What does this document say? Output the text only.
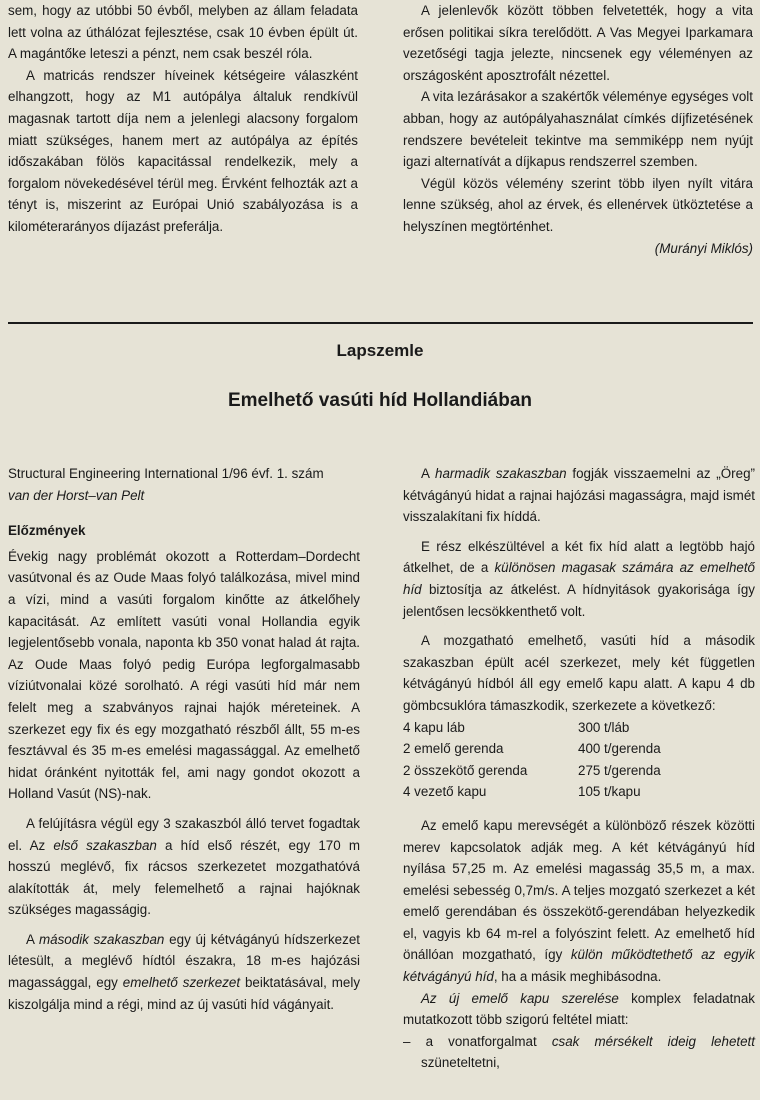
sem, hogy az utóbbi 50 évből, melyben az állam feladata lett volna az úthálózat fejlesztése, csak 10 évben épült út. A magántőke leteszi a pénzt, nem csak beszél róla.

A matricás rendszer híveinek kétségeire válaszként elhangzott, hogy az M1 autópálya általuk rendkívül magasnak tartott díja nem a jelenlegi alacsony forgalom miatt szükséges, hanem mert az autópálya az építés időszakában fölös kapacitással rendelkezik, mely a forgalom növekedésével térül meg. Érvként felhozták azt a tényt is, miszerint az Európai Unió szabályozása is a kilométerarányos díjazást preferálja.

A jelenlevők között többen felvetették, hogy a vita erősen politikai síkra terelődött. A Vas Megyei Iparkamara vezetőségi tagja jelezte, nincsenek egy véleményen az országosként aposztrofált nézettel.

A vita lezárásakor a szakértők véleménye egységes volt abban, hogy az autópályahasználat címkés díjfizetésének rendszere bevételeit tekintve ma semmiképp nem nyújt igazi alternatívát a díjkapus rendszerrel szemben.

Végül közös vélemény szerint több ilyen nyílt vitára lenne szükség, ahol az érvek, és ellenérvek ütköztetése a helyszínen megtörténhet.

(Murányi Miklós)

Lapszemle
Emelhető vasúti híd Hollandiában

Structural Engineering International 1/96 évf. 1. szám

van der Horst–van Pelt

Előzmények

Évekig nagy problémát okozott a Rotterdam–Dordecht vasútvonal és az Oude Maas folyó találkozása, mivel mind a vízi, mind a vasúti forgalom kinőtte az átkelőhely kapacitását. Az említett vasúti vonal Hollandia egyik legjelentősebb vonala, naponta kb 350 vonat halad át rajta. Az Oude Maas folyó pedig Európa legforgalmasabb víziútvonalai közé sorolható. A régi vasúti híd már nem felelt meg a szabványos rajnai hajók méreteinek. A szerkezet egy fix és egy mozgatható részből állt, 55 m-es fesztávval és 35 m-es emelési magassággal. Az emelhető hidat óránként nyitották fel, ami nagy gondot okozott a Holland Vasút (NS)-nak.

A felújításra végül egy 3 szakaszból álló tervet fogadtak el. Az első szakaszban a híd első részét, egy 170 m hosszú meglévő, fix rácsos szerkezetet mozgathatóvá alakították át, mely felemelhető a rajnai hajóknak szükséges magasságig.

A második szakaszban egy új kétvágányú hídszerkezet létesült, a meglévő hídtól északra, 18 m-es hajózási magassággal, egy emelhető szerkezet beiktatásával, mely kiszolgálja mind a régi, mind az új vasúti híd vágányait.

A harmadik szakaszban fogják visszaemelni az „Öreg” kétvágányú hidat a rajnai hajózási magasságra, majd ismét visszalakítani fix híddá.

E rész elkészültével a két fix híd alatt a legtöbb hajó átkelhet, de a különösen magasak számára az emelhető híd biztosítja az átkelést. A hídnyitások gyakorisága így jelentősen lecsökkenthető volt.

A mozgatható emelhető, vasúti híd a második szakaszban épült acél szerkezet, mely két független kétvágányú hídból áll egy emelő kapu alatt. A kapu 4 db gömbcsuklóra támaszkodik, szerkezete a következő:

4 kapu láb	300 t/láb
2 emelő gerenda	400 t/gerenda
2 összekötő gerenda	275 t/gerenda
4 vezető kapu	105 t/kapu

Az emelő kapu merevségét a különböző részek közötti merev kapcsolatok adják meg. A két kétvágányú híd nyílása 57,25 m. Az emelési magasság 35,5 m, a max. emelési sebesség 0,7m/s. A teljes mozgató szerkezet a két emelő gerendában és összekötő-gerendában helyezkedik el, vagyis kb 64 m-rel a folyószint felett. Az emelhető híd önállóan mozgatható, így külön működtethető az egyik kétvágányú híd, ha a másik meghibásodna.

Az új emelő kapu szerelése komplex feladatnak mutatkozott több szigorú feltétel miatt:

– a vonatforgalmat csak mérsékelt ideig lehetett szüneteltetni,
